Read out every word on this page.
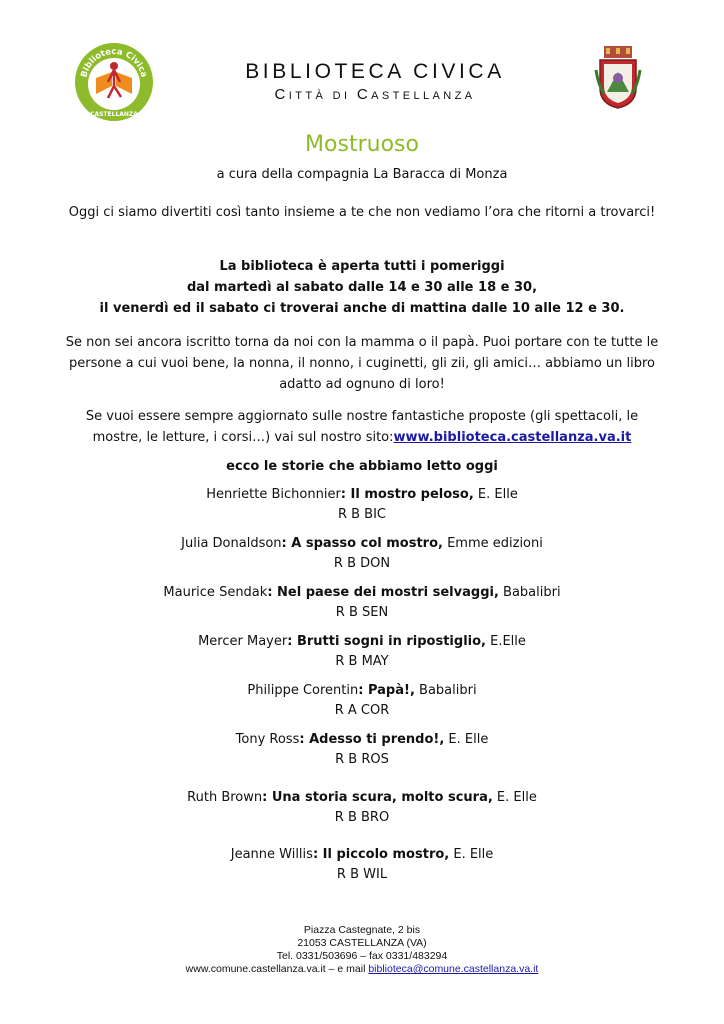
Biblioteca Civica
CASTELLANZA
BIBLIOTECA CIVICA
CITTÀ DI CASTELLANZA
Mostruoso
a cura della compagnia La Baracca di Monza
Oggi ci siamo divertiti così tanto insieme a te che non vediamo l’ora che ritorni a trovarci!
La biblioteca è aperta tutti i pomeriggi
dal martedì al sabato dalle 14 e 30 alle 18 e 30,
il venerdì ed il sabato ci troverai anche di mattina dalle 10 alle 12 e 30.
Se non sei ancora iscritto torna da noi con la mamma o il papà. Puoi portare con te tutte le persone a cui vuoi bene, la nonna, il nonno, i cuginetti, gli zii, gli amici… abbiamo un libro adatto ad ognuno di loro!
Se vuoi essere sempre aggiornato sulle nostre fantastiche proposte (gli spettacoli, le mostre, le letture, i corsi…) vai sul nostro sito:www.biblioteca.castellanza.va.it
ecco le storie che abbiamo letto oggi
Henriette Bichonnier: Il mostro peloso, E. Elle
R B BIC
Julia Donaldson: A spasso col mostro, Emme edizioni
R B DON
Maurice Sendak: Nel paese dei mostri selvaggi, Babalibri
R B SEN
Mercer Mayer: Brutti sogni in ripostiglio, E.Elle
R B MAY
Philippe Corentin: Papà!, Babalibri
R A COR
Tony Ross: Adesso ti prendo!, E. Elle
R B ROS
Ruth Brown: Una storia scura, molto scura, E. Elle
R B BRO
Jeanne Willis: Il piccolo mostro, E. Elle
R B WIL
Piazza Castegnate, 2 bis
21053 CASTELLANZA (VA)
Tel. 0331/503696 – fax 0331/483294
www.comune.castellanza.va.it – e mail biblioteca@comune.castellanza.va.it
